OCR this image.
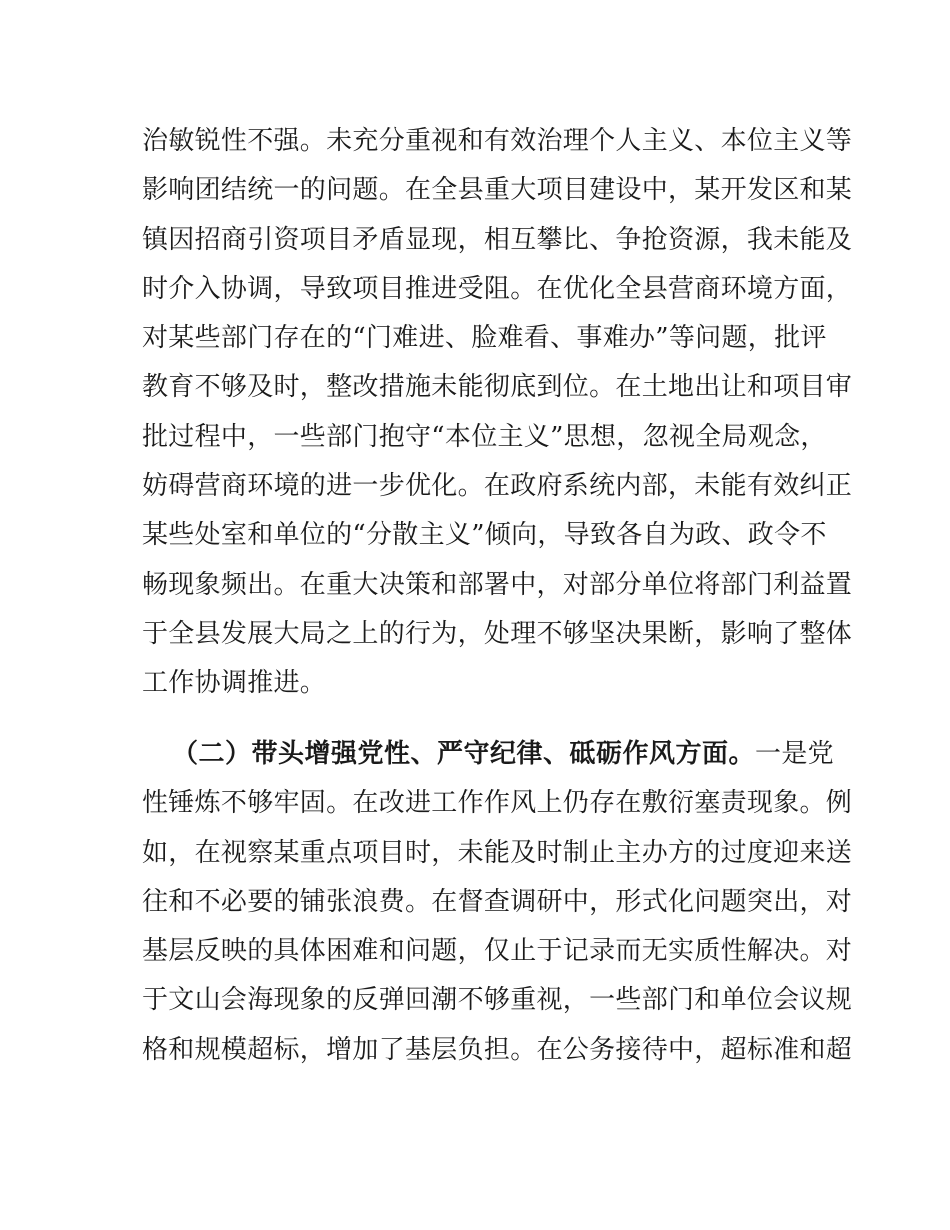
治敏锐性不强。未充分重视和有效治理个人主义、本位主义等
影响团结统一的问题。在全县重大项目建设中，某开发区和某
镇因招商引资项目矛盾显现，相互攀比、争抢资源，我未能及
时介入协调，导致项目推进受阻。在优化全县营商环境方面，
对某些部门存在的“门难进、脸难看、事难办”等问题，批评
教育不够及时，整改措施未能彻底到位。在土地出让和项目审
批过程中，一些部门抱守“本位主义”思想，忽视全局观念，
妨碍营商环境的进一步优化。在政府系统内部，未能有效纠正
某些处室和单位的“分散主义”倾向，导致各自为政、政令不
畅现象频出。在重大决策和部署中，对部分单位将部门利益置
于全县发展大局之上的行为，处理不够坚决果断，影响了整体
工作协调推进。
（二）带头增强党性、严守纪律、砥砺作风方面。一是党
性锤炼不够牢固。在改进工作作风上仍存在敷衍塞责现象。例
如，在视察某重点项目时，未能及时制止主办方的过度迎来送
往和不必要的铺张浪费。在督查调研中，形式化问题突出，对
基层反映的具体困难和问题，仅止于记录而无实质性解决。对
于文山会海现象的反弹回潮不够重视，一些部门和单位会议规
格和规模超标，增加了基层负担。在公务接待中，超标准和超
